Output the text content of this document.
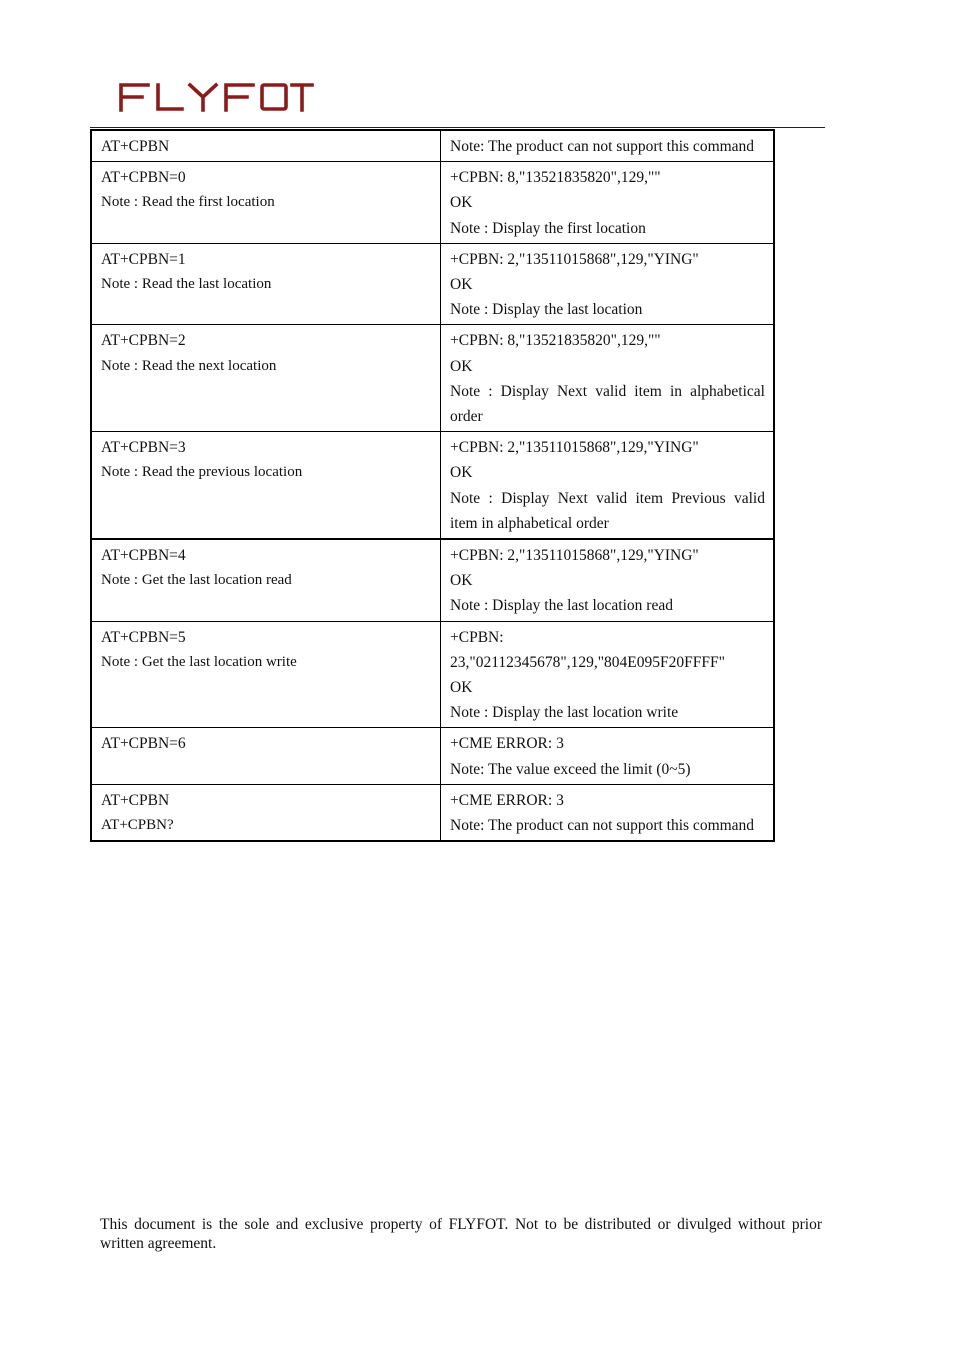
AT+CPBN	Note: The product can not support this command

AT+CPBN=0
Note : Read the first location	+CPBN: 8,"13521835820",129,""
OK
Note : Display the first location

AT+CPBN=1
Note : Read the last location	+CPBN: 2,"13511015868",129,"YING"
OK
Note : Display the last location

AT+CPBN=2
Note : Read the next location	+CPBN: 8,"13521835820",129,""
OK
Note : Display Next valid item in alphabetical order

AT+CPBN=3
Note : Read the previous location	+CPBN: 2,"13511015868",129,"YING"
OK
Note : Display Next valid item Previous valid item in alphabetical order

AT+CPBN=4
Note : Get the last location read	+CPBN: 2,"13511015868",129,"YING"
OK
Note : Display the last location read

AT+CPBN=5
Note : Get the last location write	+CPBN: 23,"02112345678",129,"804E095F20FFFF"
OK
Note : Display the last location write

AT+CPBN=6	+CME ERROR: 3
Note: The value exceed the limit (0~5)

AT+CPBN
AT+CPBN?	+CME ERROR: 3
Note: The product can not support this command
This document is the sole and exclusive property of FLYFOT. Not to be distributed or divulged without prior written agreement.
